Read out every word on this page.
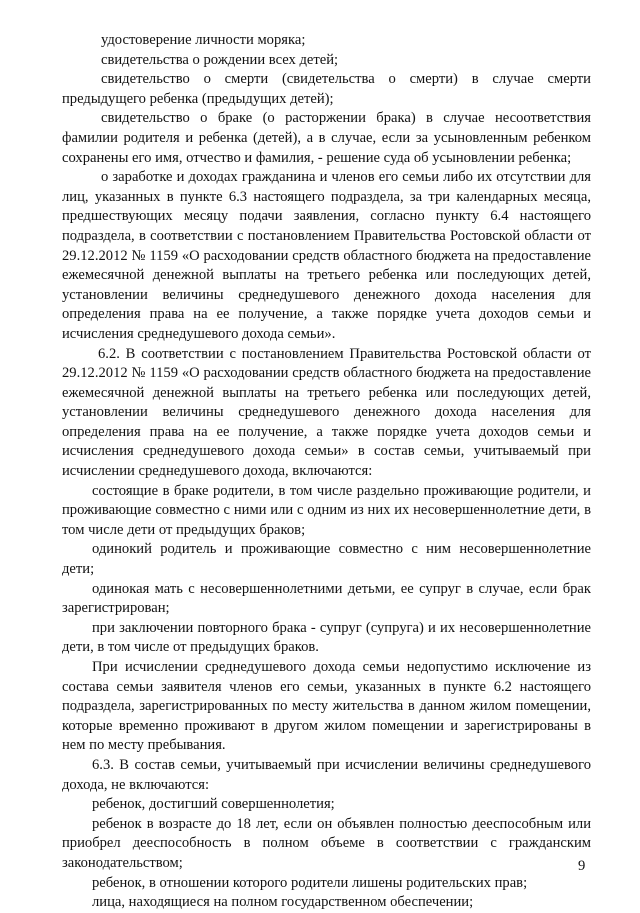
удостоверение личности моряка;

свидетельства о рождении всех детей;

свидетельство о смерти (свидетельства о смерти) в случае смерти предыдущего ребенка (предыдущих детей);

свидетельство о браке (о расторжении брака) в случае несоответствия фамилии родителя и ребенка (детей), а в случае, если за усыновленным ребенком сохранены его имя, отчество и фамилия, - решение суда об усыновлении ребенка;

о заработке и доходах гражданина и членов его семьи либо их отсутствии для лиц, указанных в пункте 6.3 настоящего подраздела, за три календарных месяца, предшествующих месяцу подачи заявления, согласно пункту 6.4 настоящего подраздела, в соответствии с постановлением Правительства Ростовской области от 29.12.2012 № 1159 «О расходовании средств областного бюджета на предоставление ежемесячной денежной выплаты на третьего ребенка или последующих детей, установлении величины среднедушевого денежного дохода населения для определения права на ее получение, а также порядке учета доходов семьи и исчисления среднедушевого дохода семьи».

6.2. В соответствии с постановлением Правительства Ростовской области от 29.12.2012 № 1159 «О расходовании средств областного бюджета на предоставление ежемесячной денежной выплаты на третьего ребенка или последующих детей, установлении величины среднедушевого денежного дохода населения для определения права на ее получение, а также порядке учета доходов семьи и исчисления среднедушевого дохода семьи» в состав семьи, учитываемый при исчислении среднедушевого дохода, включаются:

состоящие в браке родители, в том числе раздельно проживающие родители, и проживающие совместно с ними или с одним из них их несовершеннолетние дети, в том числе дети от предыдущих браков;

одинокий родитель и проживающие совместно с ним несовершеннолетние дети;

одинокая мать с несовершеннолетними детьми, ее супруг в случае, если брак зарегистрирован;

при заключении повторного брака - супруг (супруга) и их несовершеннолетние дети, в том числе от предыдущих браков.

При исчислении среднедушевого дохода семьи недопустимо исключение из состава семьи заявителя членов его семьи, указанных в пункте 6.2 настоящего подраздела, зарегистрированных по месту жительства в данном жилом помещении, которые временно проживают в другом жилом помещении и зарегистрированы в нем по месту пребывания.

6.3. В состав семьи, учитываемый при исчислении величины среднедушевого дохода, не включаются:

ребенок, достигший совершеннолетия;

ребенок в возрасте до 18 лет, если он объявлен полностью дееспособным или приобрел дееспособность в полном объеме в соответствии с гражданским законодательством;

ребенок, в отношении которого родители лишены родительских прав;

лица, находящиеся на полном государственном обеспечении;

9
